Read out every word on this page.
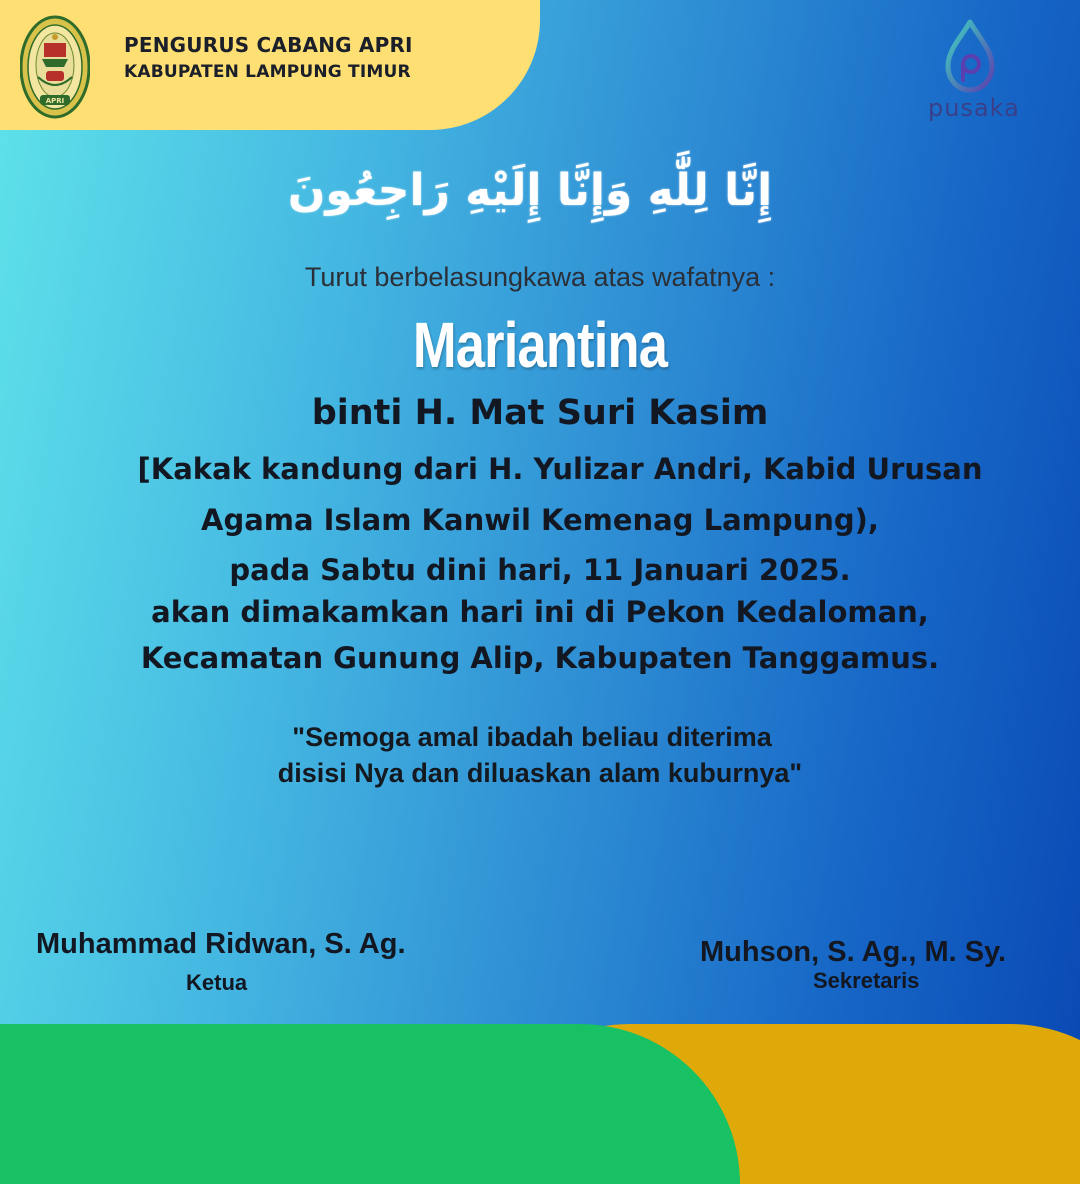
APRI
PENGURUS CABANG APRI
KABUPATEN LAMPUNG TIMUR
pusaka
إِنَّا لِلَّٰهِ وَإِنَّا إِلَيْهِ رَاجِعُونَ
Turut berbelasungkawa atas wafatnya :
Mariantina
binti H. Mat Suri Kasim
[Kakak kandung dari H. Yulizar Andri, Kabid Urusan
Agama Islam Kanwil Kemenag Lampung),
pada Sabtu dini hari, 11 Januari 2025.
akan dimakamkan hari ini di Pekon Kedaloman,
Kecamatan Gunung Alip, Kabupaten Tanggamus.
"Semoga amal ibadah beliau diterima
disisi Nya dan diluaskan alam kuburnya"
Muhammad Ridwan, S. Ag.
Ketua
Muhson, S. Ag., M. Sy.
Sekretaris
